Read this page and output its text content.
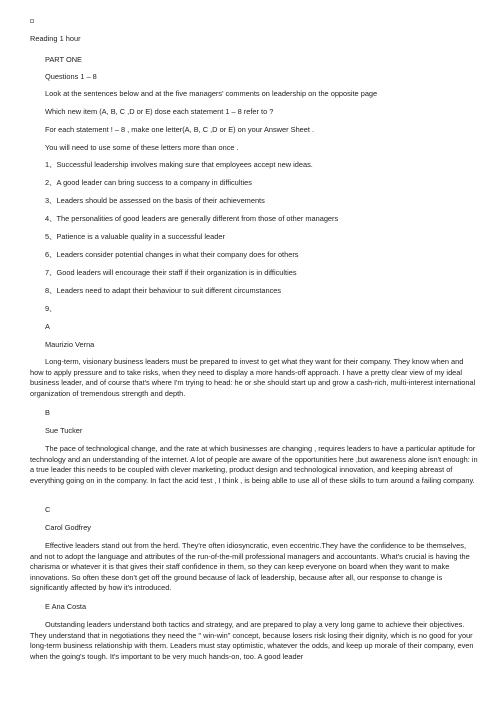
Reading 1 hour
PART ONE
Questions 1 – 8
Look at the sentences below and at the five managers' comments on leadership on the opposite page
Which new item (A, B, C ,D or E) dose each statement 1 – 8 refer to ?
For each statement ! – 8 , make one letter(A, B, C ,D or E) on your Answer Sheet .
You will need to use some of these letters more than once .
1、Successful leadership involves making sure that employees accept new ideas.
2、A good leader can bring success to a company in difficulties
3、Leaders should be assessed on the basis of their achievements
4、The personalities of good leaders are generally different from those of other managers
5、Patience is a valuable quality in a successful leader
6、Leaders consider potential changes in what their company does for others
7、Good leaders will encourage their staff if their organization is in difficulties
8、Leaders need to adapt their behaviour to suit different circumstances
9、
A
Maurizio Verna
Long-term, visionary business leaders must be prepared to invest to get what they want for their company. They know when and how to apply pressure and to take risks, when they need to display a more hands-off approach. I have a pretty clear view of my ideal business leader, and of course that's where I'm trying to head: he or she should start up and grow a cash-rich, multi-interest international organization of tremendous strength and depth.
B
Sue Tucker
The pace of technological change, and the rate at which businesses are changing , requires leaders to have a particular aptitude for technology and an understanding of the internet. A lot of people are aware of the opportunities here ,but awareness alone isn't enough: in a true leader this needs to be coupled with clever marketing, product design and technological innovation, and keeping abreast of everything going on in the company. In fact the acid test , I think , is being ablle to use all of these skills to turn around a failing company.
C
Carol Godfrey
Effective leaders stand out from the herd. They're often idiosyncratic, even eccentric.They have the confidence to be themselves, and not to adopt the language and attributes of the run-of-the-mill professional managers and accountants. What's crucial is having the charisma or whatever it is that gives their staff confidence in them, so they can keep everyone on board when they want to make innovations. So often these don't get off the ground because of lack of leadership, because after all, our response to change is significantly affected by how it's introduced.
E Ana Costa
Outstanding leaders understand both tactics and strategy, and are prepared to play a very long game to achieve their objectives. They understand that in negotiations they need the " win-win" concept, because losers risk losing their dignity, which is no good for your long-term business relationship with them. Leaders must stay optimistic, whatever the odds, and keep up morale of their company, even when the going's tough. It's important to be very much hands-on, too. A good leader
